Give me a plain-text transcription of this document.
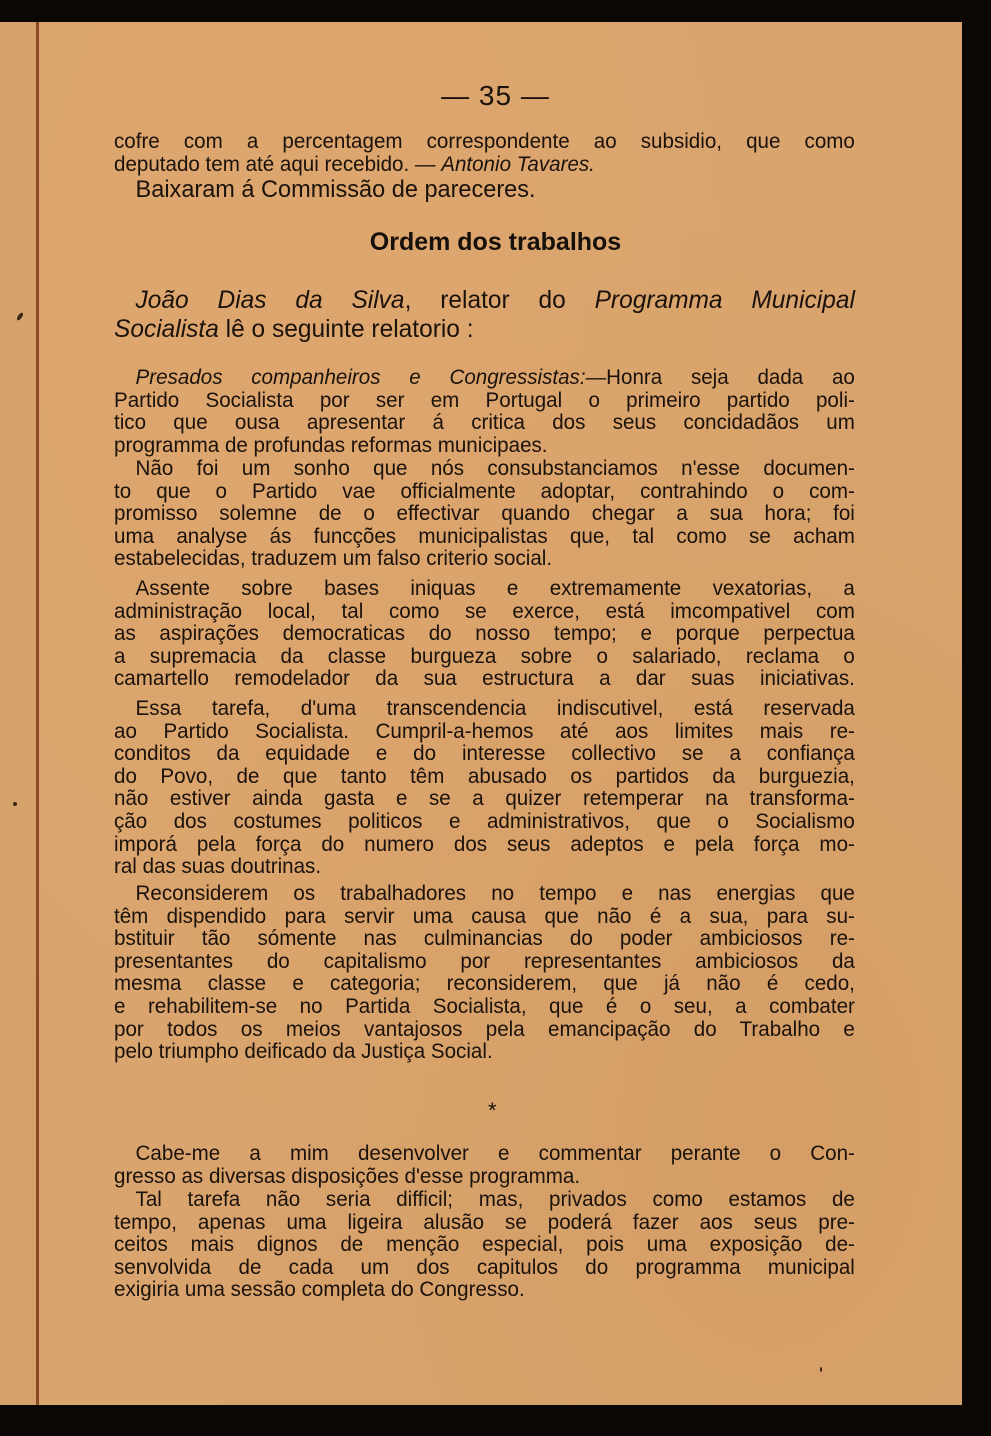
— 35 —
cofre com a percentagem correspondente ao subsidio, que como
deputado tem até aqui recebido. — Antonio Tavares.
Baixaram á Commissão de pareceres.
Ordem dos trabalhos
João Dias da Silva, relator do Programma Municipal
Socialista lê o seguinte relatorio :
Presados companheiros e Congressistas:—Honra seja dada ao
Partido Socialista por ser em Portugal o primeiro partido poli-
tico que ousa apresentar á critica dos seus concidadãos um
programma de profundas reformas municipaes.
Não foi um sonho que nós consubstanciamos n'esse documen-
to que o Partido vae officialmente adoptar, contrahindo o com-
promisso solemne de o effectivar quando chegar a sua hora; foi
uma analyse ás funcções municipalistas que, tal como se acham
estabelecidas, traduzem um falso criterio social.
Assente sobre bases iniquas e extremamente vexatorias, a
administração local, tal como se exerce, está imcompativel com
as aspirações democraticas do nosso tempo; e porque perpectua
a supremacia da classe burgueza sobre o salariado, reclama o
camartello remodelador da sua estructura a dar suas iniciativas.
Essa tarefa, d'uma transcendencia indiscutivel, está reservada
ao Partido Socialista. Cumpril-a-hemos até aos limites mais re-
conditos da equidade e do interesse collectivo se a confiança
do Povo, de que tanto têm abusado os partidos da burguezia,
não estiver ainda gasta e se a quizer retemperar na transforma-
ção dos costumes politicos e administrativos, que o Socialismo
imporá pela força do numero dos seus adeptos e pela força mo-
ral das suas doutrinas.
Reconsiderem os trabalhadores no tempo e nas energias que
têm dispendido para servir uma causa que não é a sua, para su-
bstituir tão sómente nas culminancias do poder ambiciosos re-
presentantes do capitalismo por representantes ambiciosos da
mesma classe e categoria; reconsiderem, que já não é cedo,
e rehabilitem-se no Partida Socialista, que é o seu, a combater
por todos os meios vantajosos pela emancipação do Trabalho e
pelo triumpho deificado da Justiça Social.
*
Cabe-me a mim desenvolver e commentar perante o Con-
gresso as diversas disposições d'esse programma.
Tal tarefa não seria difficil; mas, privados como estamos de
tempo, apenas uma ligeira alusão se poderá fazer aos seus pre-
ceitos mais dignos de menção especial, pois uma exposição de-
senvolvida de cada um dos capitulos do programma municipal
exigiria uma sessão completa do Congresso.
